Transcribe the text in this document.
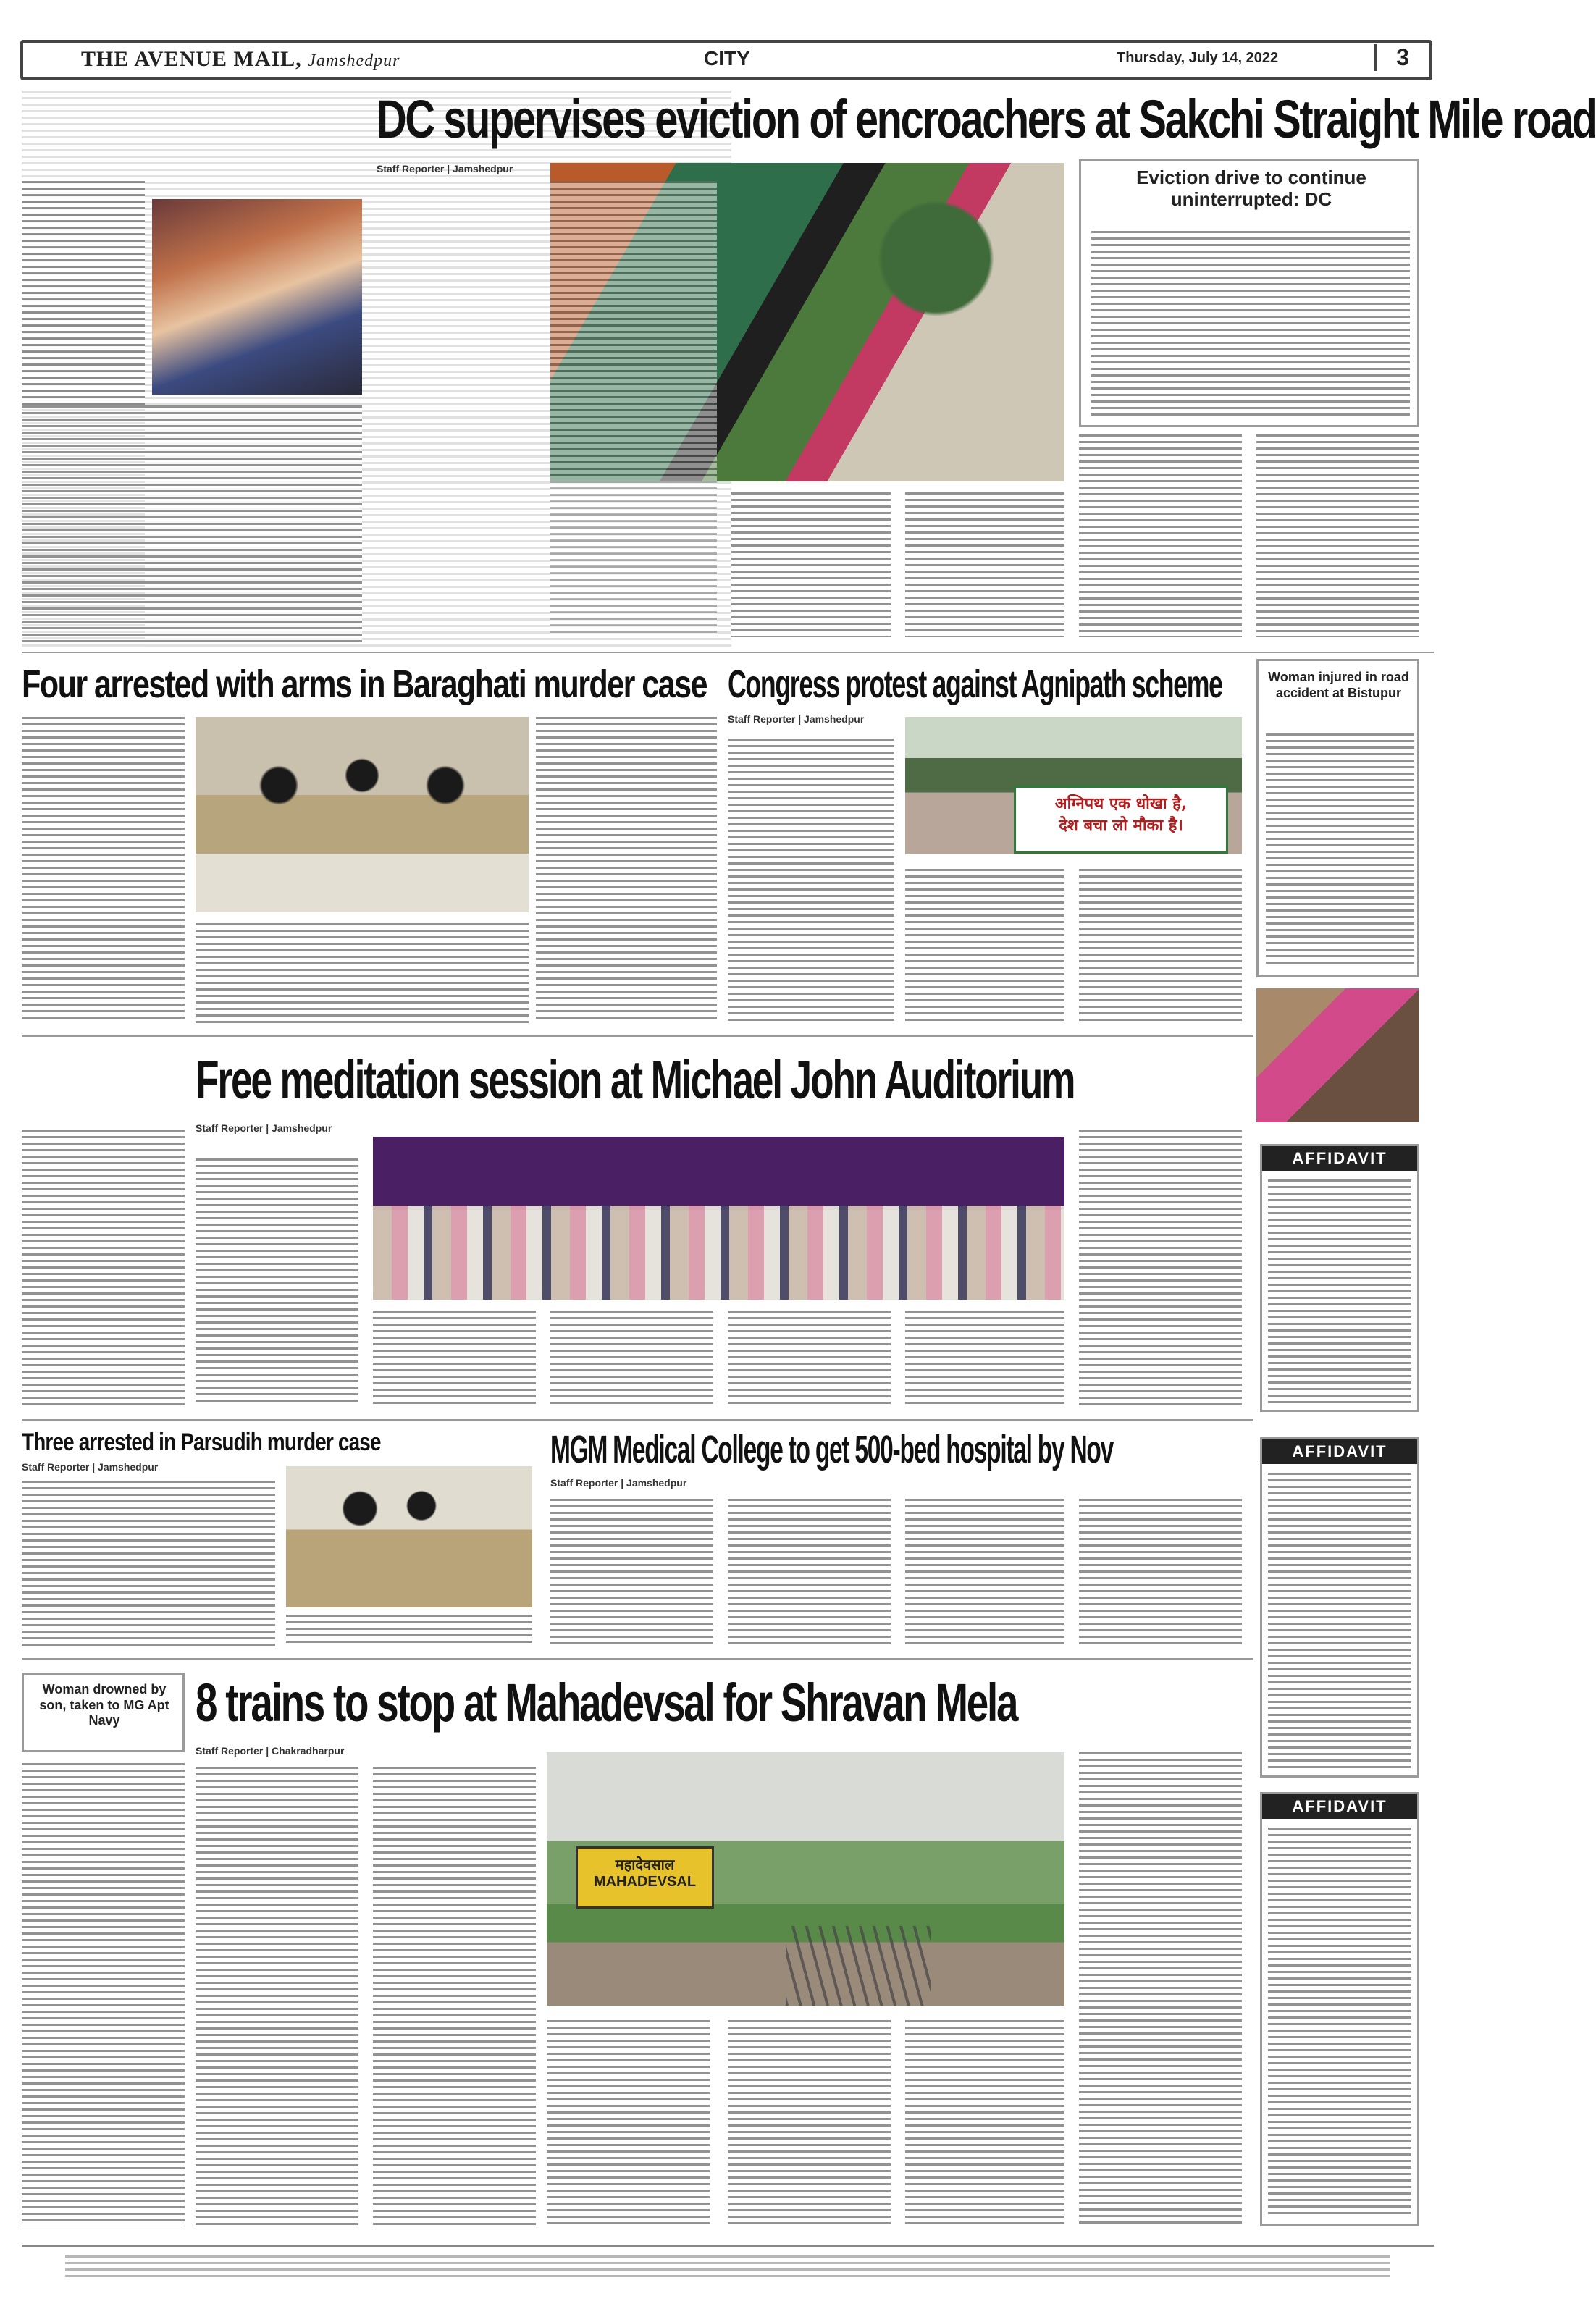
THE AVENUE MAIL, Jamshedpur	CITY	Thursday, July 14, 2022	3
DC supervises eviction of encroachers at Sakchi Straight Mile road
Staff Reporter | Jamshedpur	Eviction drive to continue uninterrupted: DC
Four arrested with arms in Baraghati murder case Congress protest against Agnipath scheme
Staff Reporter | Jamshedpur
अग्निपथ एक धोखा है,
देश बचा लो मौका है।
Woman injured in road accident at Bistupur
Free meditation session at Michael John Auditorium
Staff Reporter | Jamshedpur
AFFIDAVIT
Three arrested in Parsudih murder case
Staff Reporter | Jamshedpur	MGM Medical College to get 500-bed hospital by Nov
Staff Reporter | Jamshedpur
AFFIDAVIT
Woman drowned by son, taken to MG Apt Navy	8 trains to stop at Mahadevsal for Shravan Mela
Staff Reporter | Chakradharpur
महादेवसाल
MAHADEVSAL
AFFIDAVIT
